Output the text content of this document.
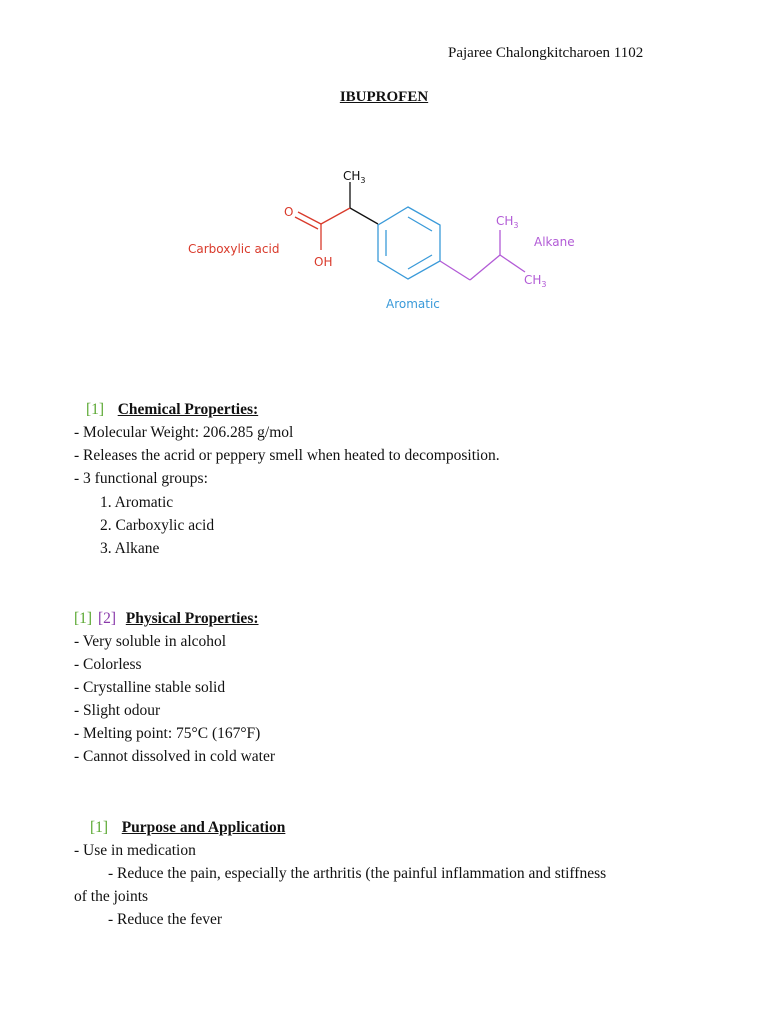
Pajaree Chalongkitcharoen 1102
IBUPROFEN
$CH_3$
O
OH
$CH_3$
$CH_3$
Carboxylic acid
Aromatic
Alkane
[1] Chemical Properties:
- Molecular Weight: 206.285 g/mol
- Releases the acrid or peppery smell when heated to decomposition.
- 3 functional groups:
1. Aromatic
2. Carboxylic acid
3. Alkane
[1] [2] Physical Properties:
- Very soluble in alcohol
- Colorless
- Crystalline stable solid
- Slight odour
- Melting point: 75°C (167°F)
- Cannot dissolved in cold water
[1] Purpose and Application
- Use in medication
- Reduce the pain, especially the arthritis (the painful inflammation and stiffness
of the joints
- Reduce the fever
